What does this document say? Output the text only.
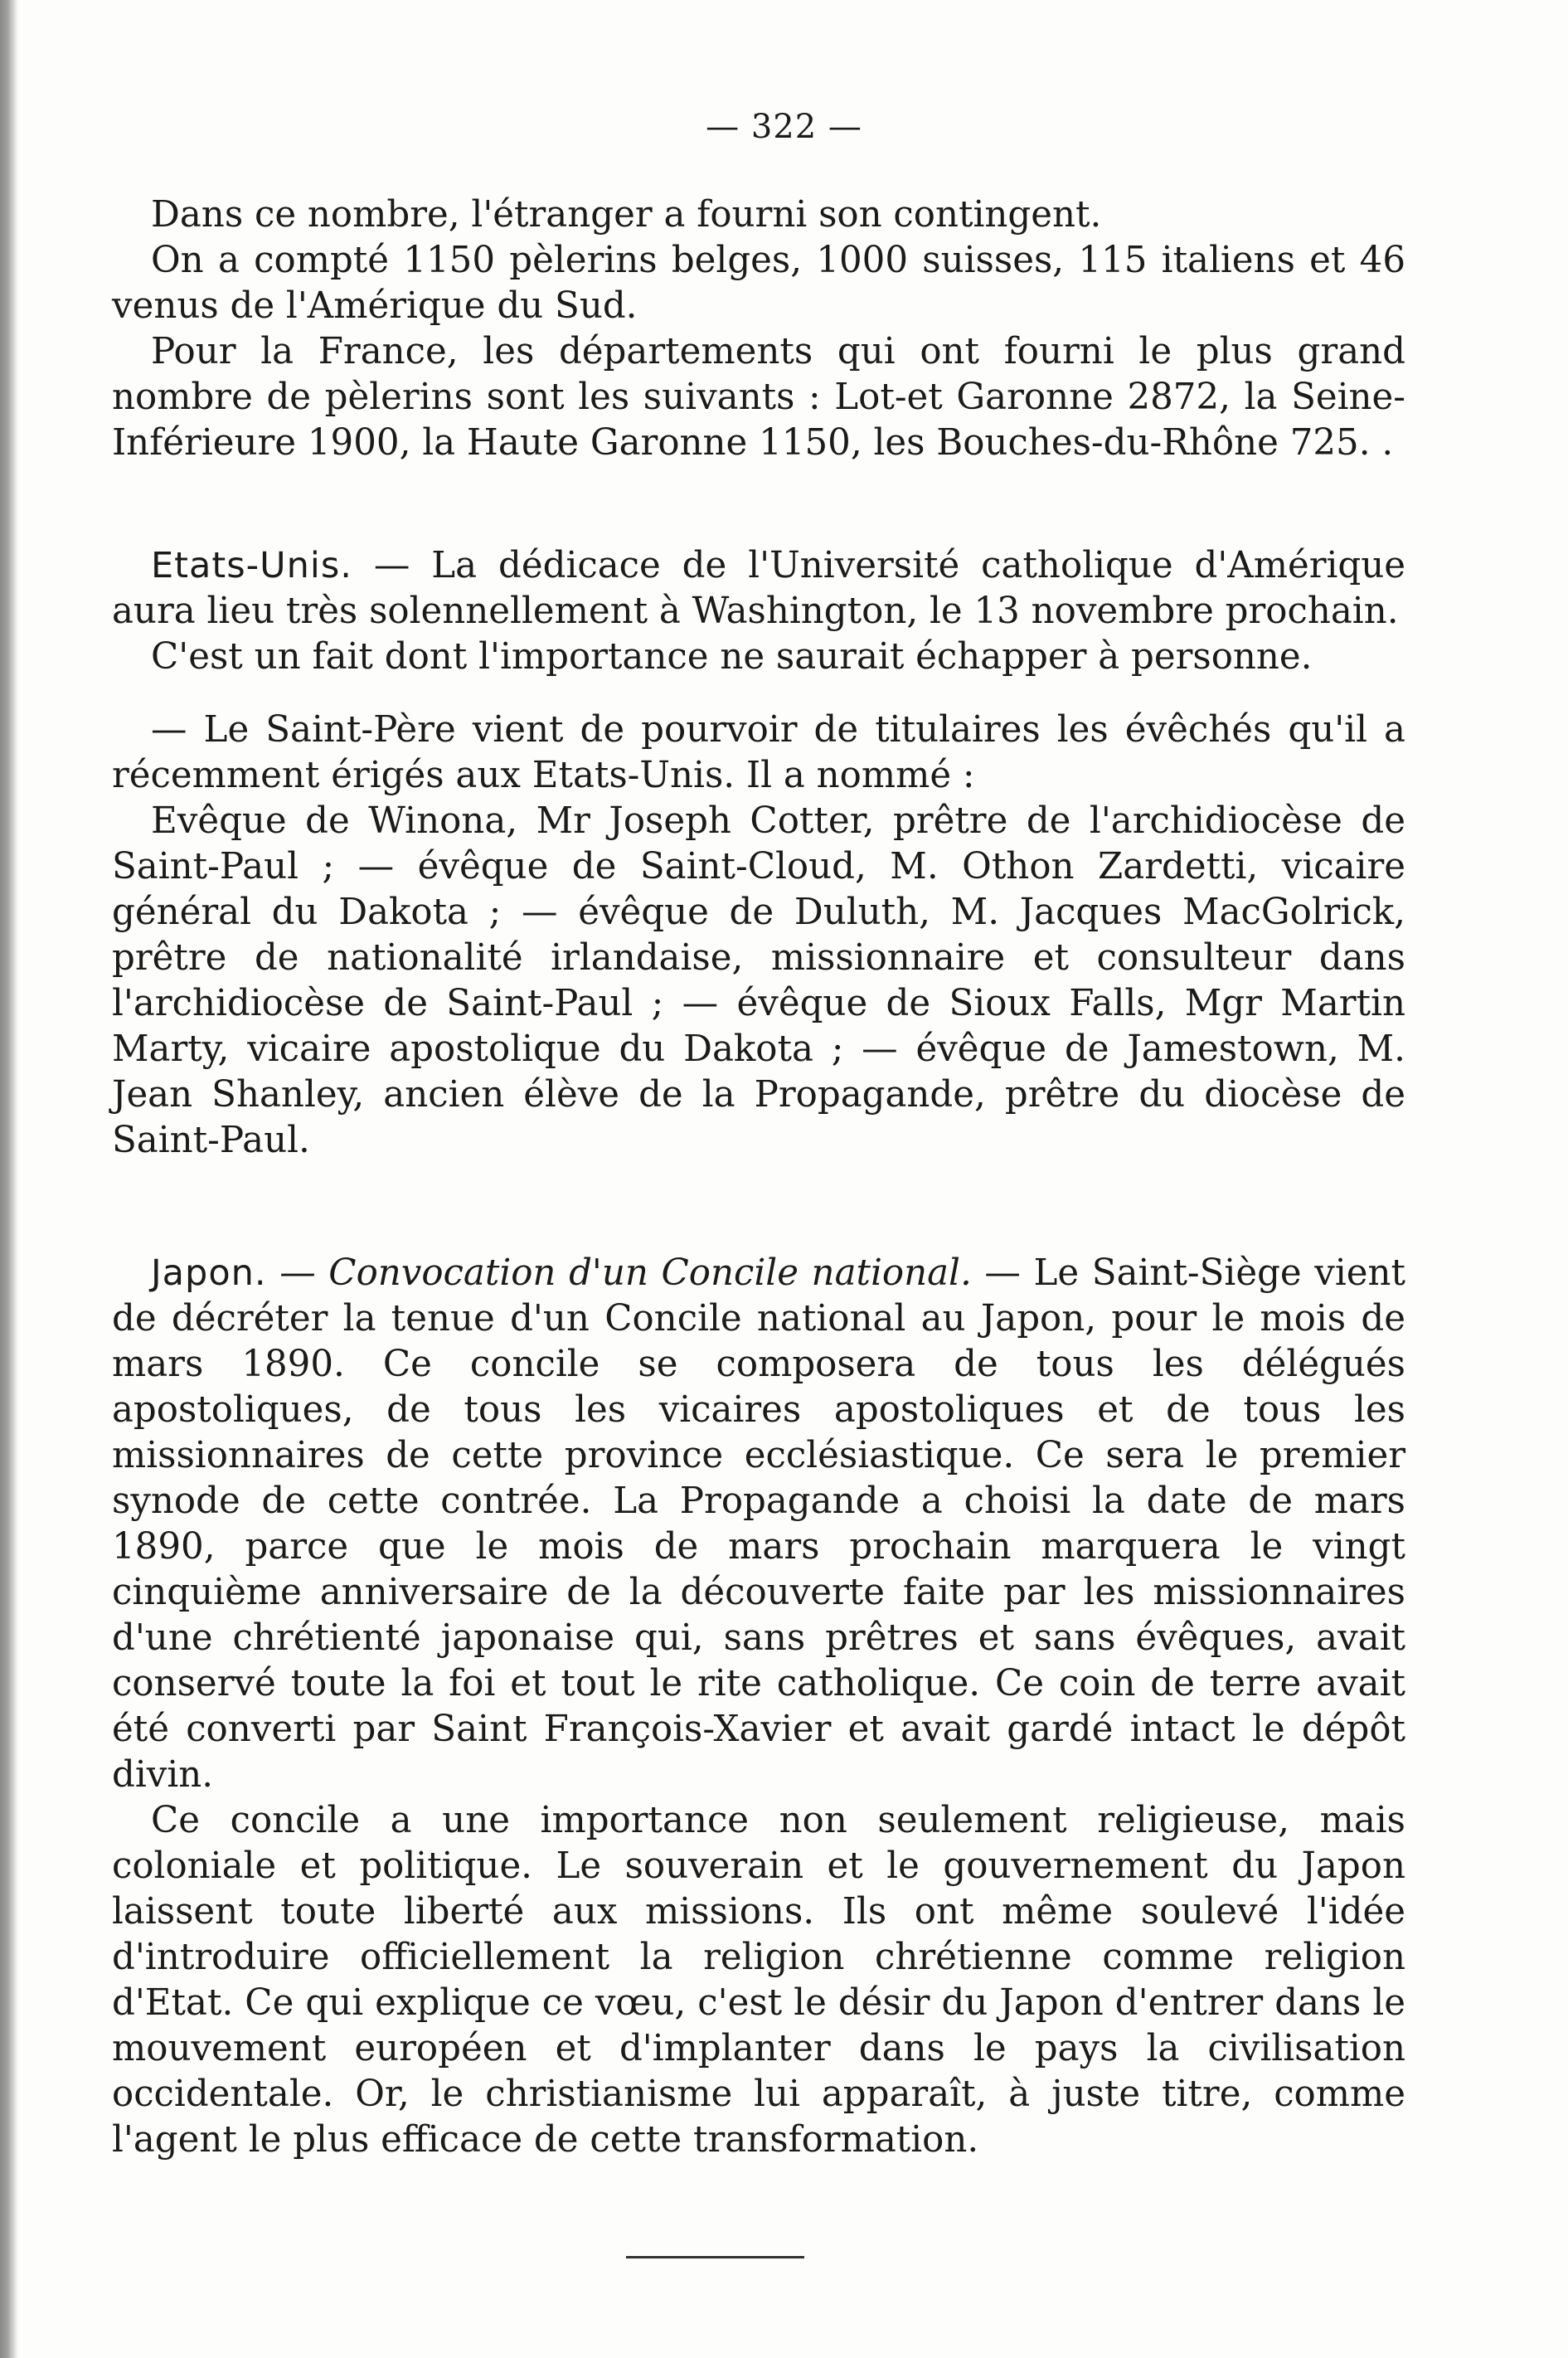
— 322 —

Dans ce nombre, l'étranger a fourni son contingent.

On a compté 1150 pèlerins belges, 1000 suisses, 115 italiens et 46 venus de l'Amérique du Sud.

Pour la France, les départements qui ont fourni le plus grand nombre de pèlerins sont les suivants : Lot-et Garonne 2872, la Seine-Inférieure 1900, la Haute Garonne 1150, les Bouches-du-Rhône 725. .

Etats-Unis. — La dédicace de l'Université catholique d'Amérique aura lieu très solennellement à Washington, le 13 novembre prochain.

C'est un fait dont l'importance ne saurait échapper à personne.

— Le Saint-Père vient de pourvoir de titulaires les évêchés qu'il a récemment érigés aux Etats-Unis. Il a nommé :

Evêque de Winona, Mr Joseph Cotter, prêtre de l'archidiocèse de Saint-Paul ; — évêque de Saint-Cloud, M. Othon Zardetti, vicaire général du Dakota ; — évêque de Duluth, M. Jacques MacGolrick, prêtre de nationalité irlandaise, missionnaire et consulteur dans l'archidiocèse de Saint-Paul ; — évêque de Sioux Falls, Mgr Martin Marty, vicaire apostolique du Dakota ; — évêque de Jamestown, M. Jean Shanley, ancien élève de la Propagande, prêtre du diocèse de Saint-Paul.

Japon. — Convocation d'un Concile national. — Le Saint-Siège vient de décréter la tenue d'un Concile national au Japon, pour le mois de mars 1890. Ce concile se composera de tous les délégués apostoliques, de tous les vicaires apostoliques et de tous les missionnaires de cette province ecclésiastique. Ce sera le premier synode de cette contrée. La Propagande a choisi la date de mars 1890, parce que le mois de mars prochain marquera le vingt cinquième anniversaire de la découverte faite par les missionnaires d'une chrétienté japonaise qui, sans prêtres et sans évêques, avait conservé toute la foi et tout le rite catholique. Ce coin de terre avait été converti par Saint François-Xavier et avait gardé intact le dépôt divin.

Ce concile a une importance non seulement religieuse, mais coloniale et politique. Le souverain et le gouvernement du Japon laissent toute liberté aux missions. Ils ont même soulevé l'idée d'introduire officiellement la religion chrétienne comme religion d'Etat. Ce qui explique ce vœu, c'est le désir du Japon d'entrer dans le mouvement européen et d'implanter dans le pays la civilisation occidentale. Or, le christianisme lui apparaît, à juste titre, comme l'agent le plus efficace de cette transformation.
